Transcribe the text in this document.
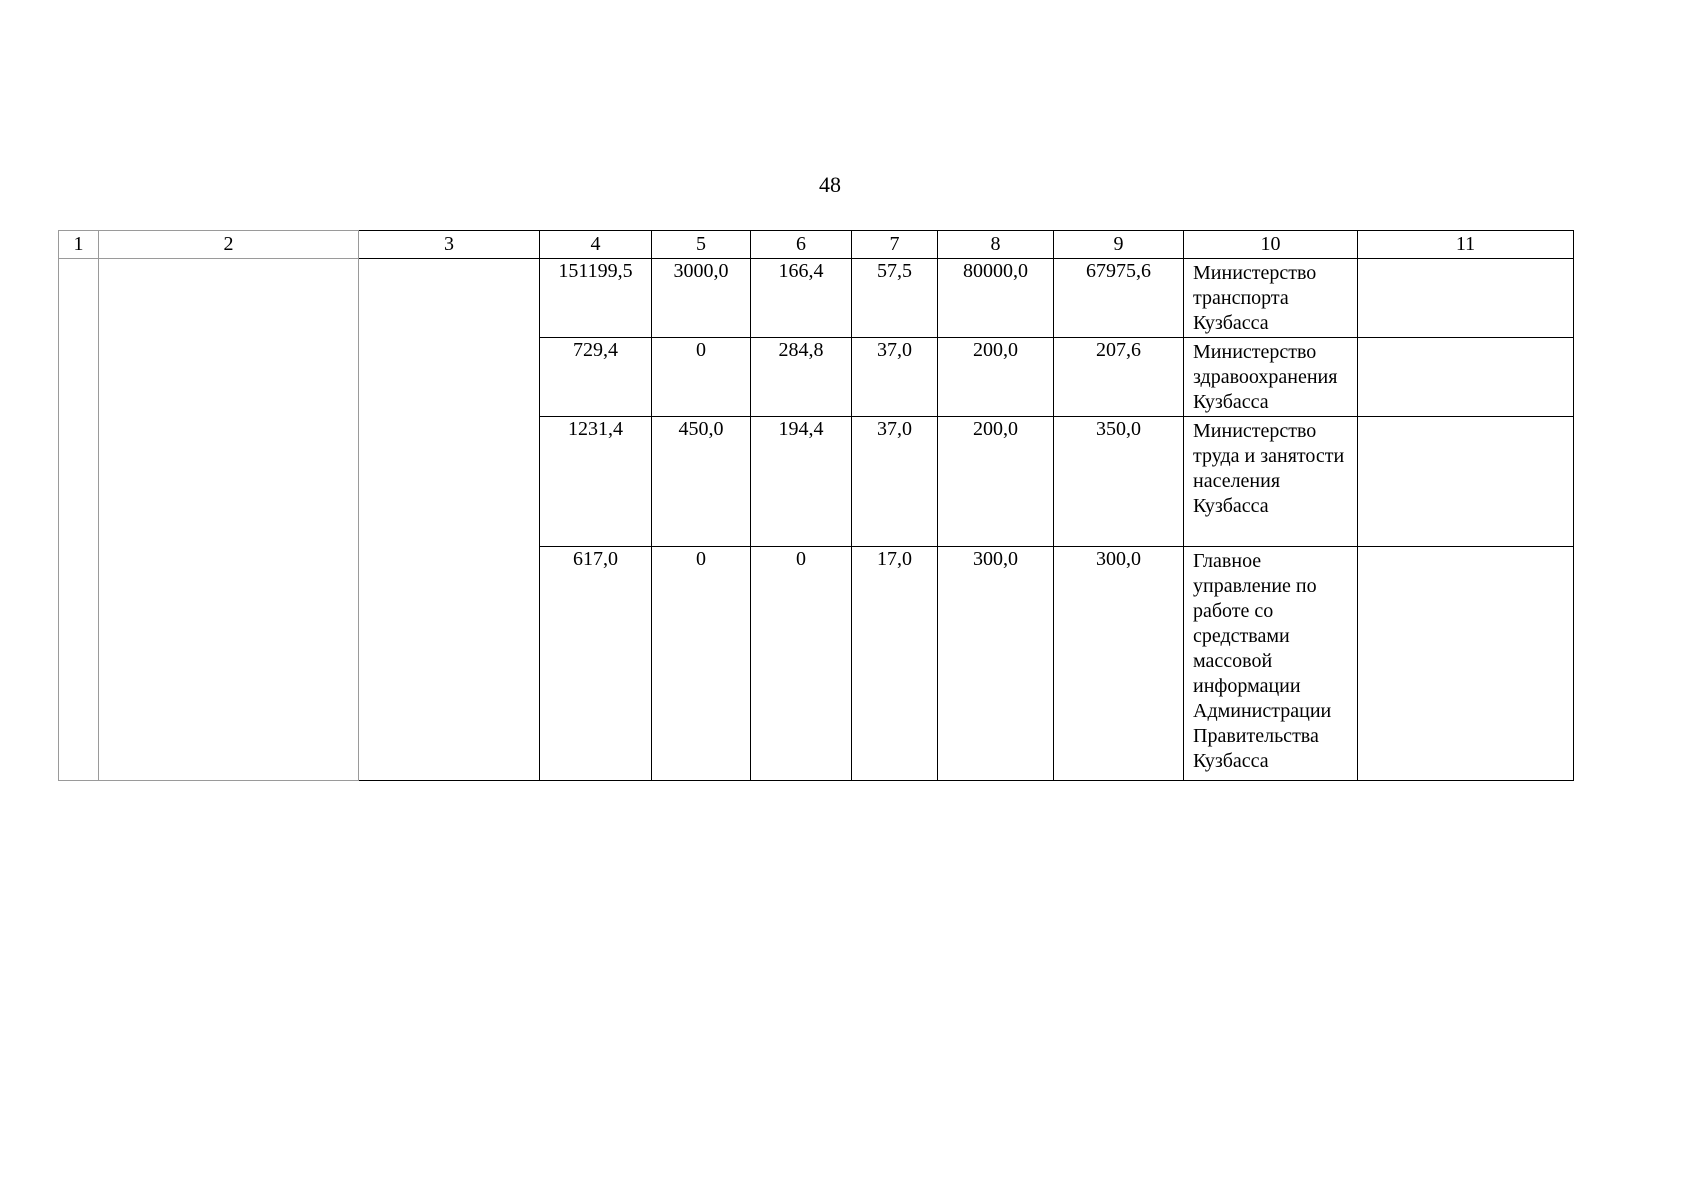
48
1	2	3	4	5	6	7	8	9	10	11
			151199,5	3000,0	166,4	57,5	80000,0	67975,6	Министерство транспорта Кузбасса	
			729,4	0	284,8	37,0	200,0	207,6	Министерство здравоохранения Кузбасса	
			1231,4	450,0	194,4	37,0	200,0	350,0	Министерство труда и занятости населения Кузбасса	
			617,0	0	0	17,0	300,0	300,0	Главное управление по работе со средствами массовой информации Администрации Правительства Кузбасса	
